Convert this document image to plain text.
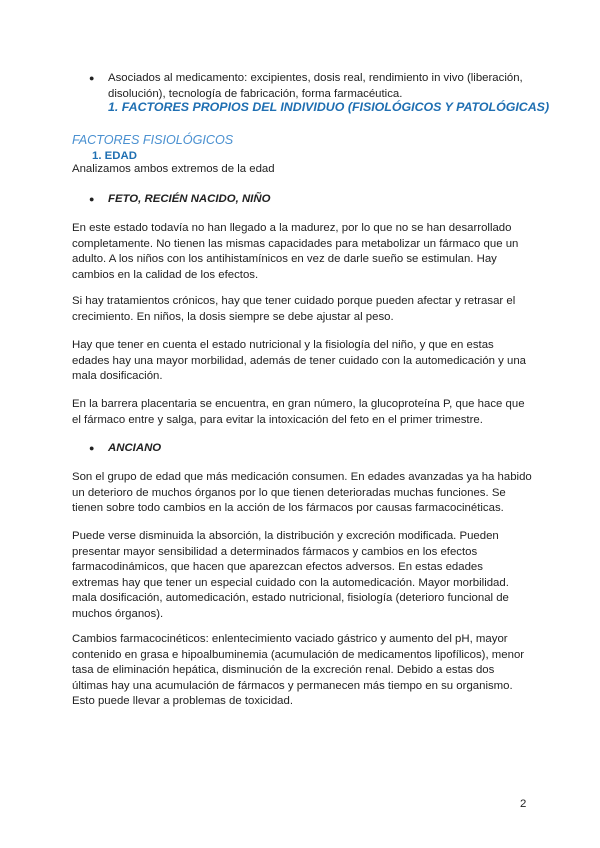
● Asociados al medicamento: excipientes, dosis real, rendimiento in vivo (liberación, disolución), tecnología de fabricación, forma farmacéutica.
1. FACTORES PROPIOS DEL INDIVIDUO (FISIOLÓGICOS Y PATOLÓGICAS)
FACTORES FISIOLÓGICOS
1. EDAD
Analizamos ambos extremos de la edad
● FETO, RECIÉN NACIDO, NIÑO

En este estado todavía no han llegado a la madurez, por lo que no se han desarrollado completamente. No tienen las mismas capacidades para metabolizar un fármaco que un adulto. A los niños con los antihistamínicos en vez de darle sueño se estimulan. Hay cambios en la calidad de los efectos.

Si hay tratamientos crónicos, hay que tener cuidado porque pueden afectar y retrasar el crecimiento. En niños, la dosis siempre se debe ajustar al peso.

Hay que tener en cuenta el estado nutricional y la fisiología del niño, y que en estas edades hay una mayor morbilidad, además de tener cuidado con la automedicación y una mala dosificación.

En la barrera placentaria se encuentra, en gran número, la glucoproteína P, que hace que el fármaco entre y salga, para evitar la intoxicación del feto en el primer trimestre.

● ANCIANO

Son el grupo de edad que más medicación consumen. En edades avanzadas ya ha habido un deterioro de muchos órganos por lo que tienen deterioradas muchas funciones. Se tienen sobre todo cambios en la acción de los fármacos por causas farmacocinéticas.

Puede verse disminuida la absorción, la distribución y excreción modificada. Pueden presentar mayor sensibilidad a determinados fármacos y cambios en los efectos farmacodinámicos, que hacen que aparezcan efectos adversos. En estas edades extremas hay que tener un especial cuidado con la automedicación. Mayor morbilidad. mala dosificación, automedicación, estado nutricional, fisiología (deterioro funcional de muchos órganos).

Cambios farmacocinéticos: enlentecimiento vaciado gástrico y aumento del pH, mayor contenido en grasa e hipoalbuminemia (acumulación de medicamentos lipofílicos), menor tasa de eliminación hepática, disminución de la excreción renal. Debido a estas dos últimas hay una acumulación de fármacos y permanecen más tiempo en su organismo. Esto puede llevar a problemas de toxicidad.

2
